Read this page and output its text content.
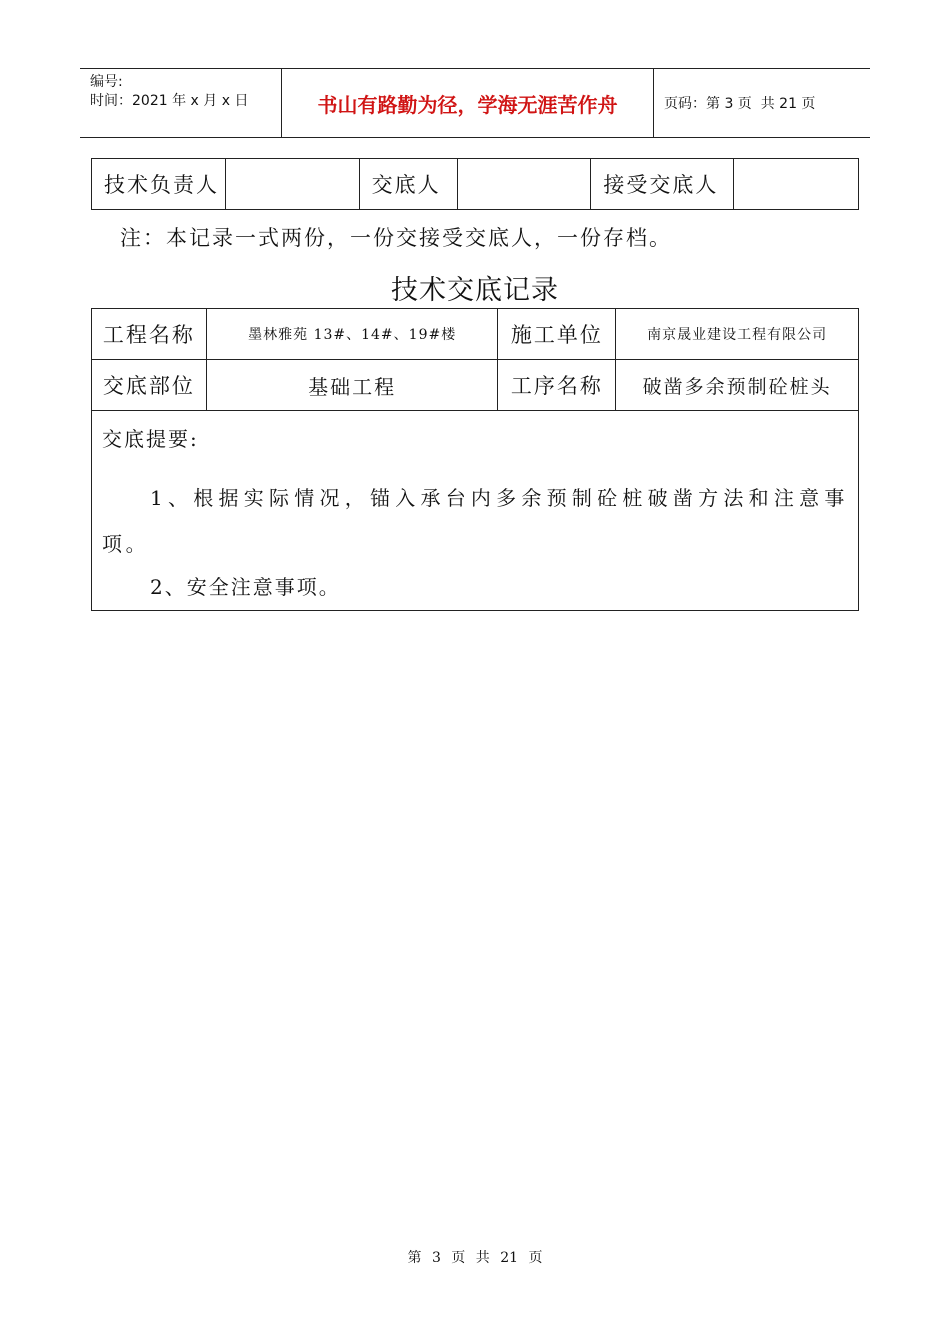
编号:
时间：2021 年 x 月 x 日	书山有路勤为径，学海无涯苦作舟	页码：第 3 页  共 21 页
技术负责人		交底人		接受交底人	
注：本记录一式两份，一份交接受交底人，一份存档。
技术交底记录
工程名称	墨林雅苑 13#、14#、19#楼	施工单位	南京晟业建设工程有限公司
交底部位	基础工程	工序名称	破凿多余预制砼桩头

交底提要:

1、根据实际情况，锚入承台内多余预制砼桩破凿方法和注意事项。

2、安全注意事项。			

第 3 页 共 21 页
